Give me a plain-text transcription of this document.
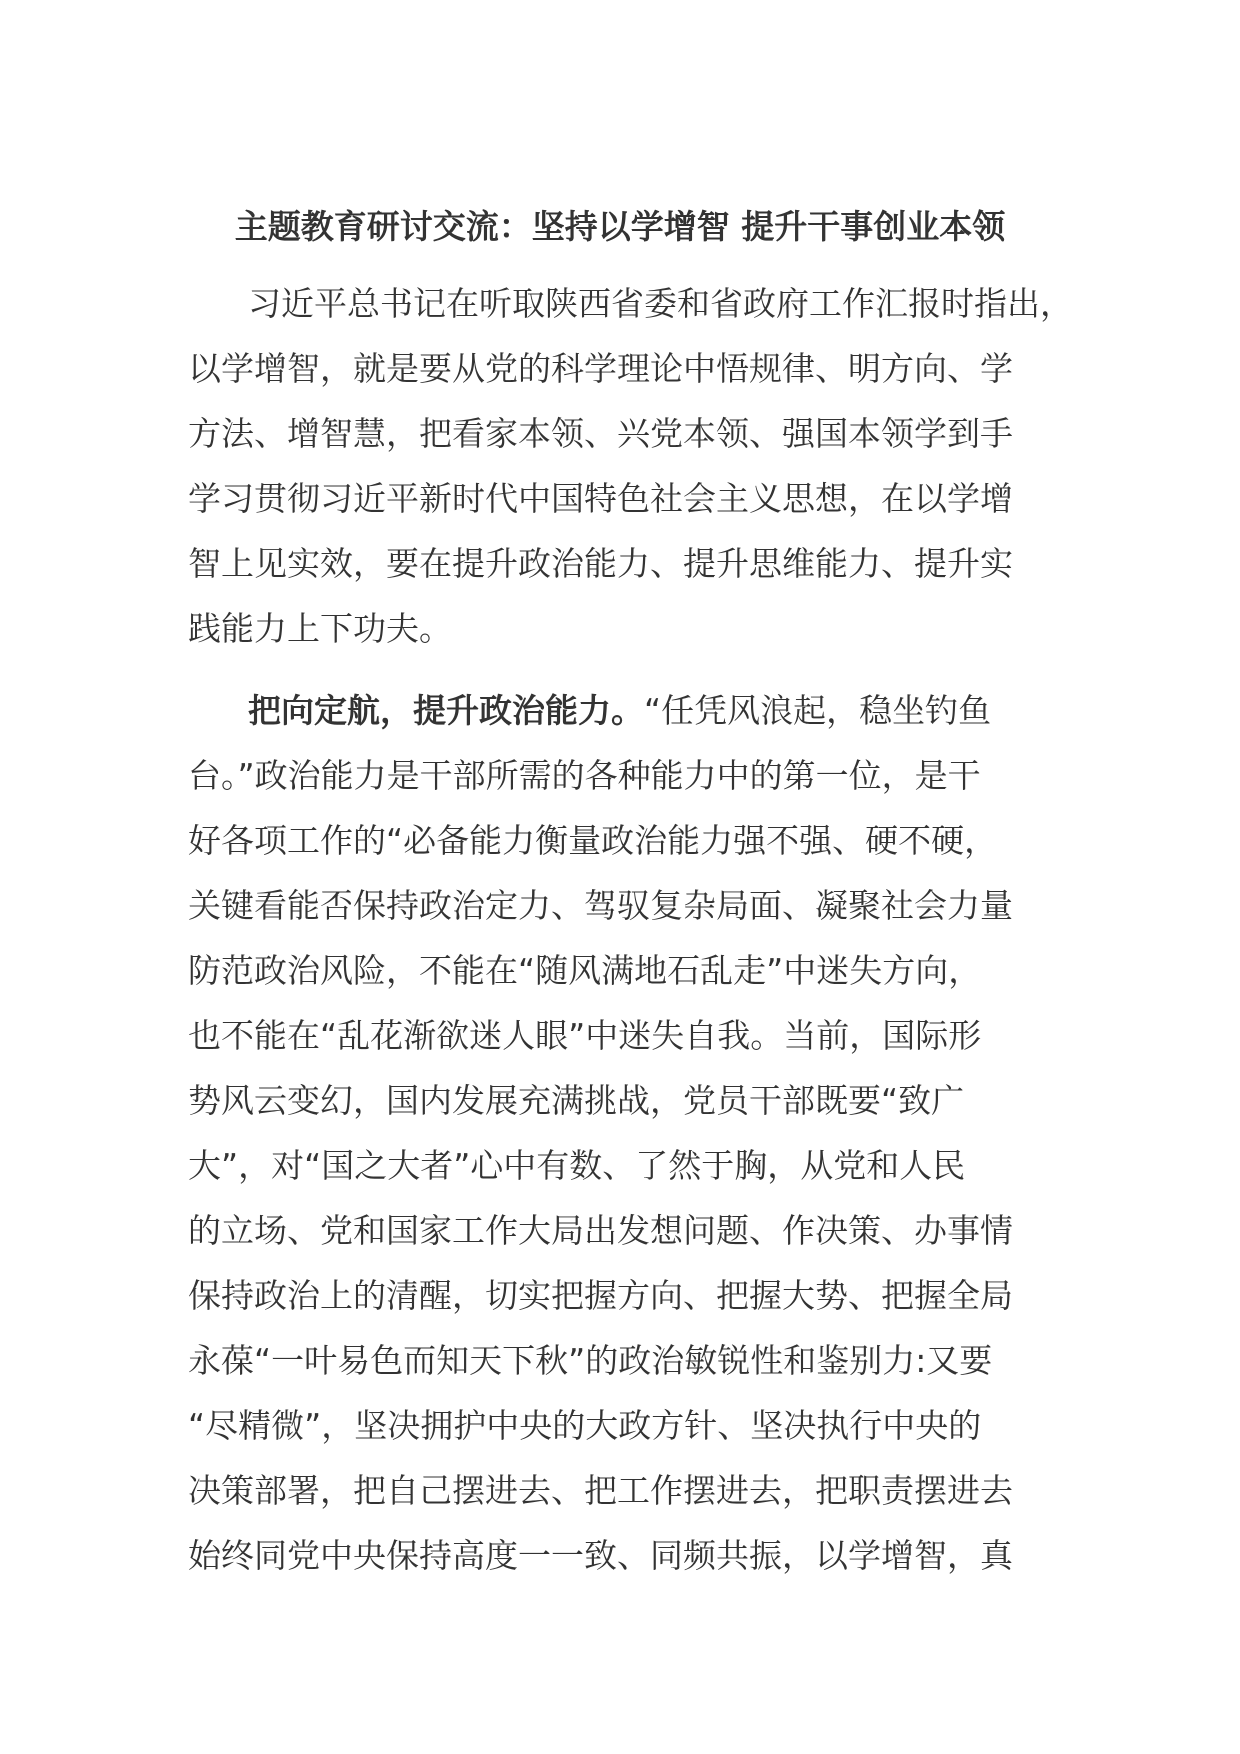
主题教育研讨交流：坚持以学增智 提升干事创业本领
习近平总书记在听取陕西省委和省政府工作汇报时指出，
以学增智，就是要从党的科学理论中悟规律、明方向、学
方法、增智慧，把看家本领、兴党本领、强国本领学到手
学习贯彻习近平新时代中国特色社会主义思想，在以学增
智上见实效，要在提升政治能力、提升思维能力、提升实
践能力上下功夫。
把向定航，提升政治能力。“任凭风浪起，稳坐钓鱼
台。”政治能力是干部所需的各种能力中的第一位，是干
好各项工作的“必备能力衡量政治能力强不强、硬不硬，
关键看能否保持政治定力、驾驭复杂局面、凝聚社会力量
防范政治风险，不能在“随风满地石乱走”中迷失方向，
也不能在“乱花渐欲迷人眼”中迷失自我。当前，国际形
势风云变幻，国内发展充满挑战，党员干部既要“致广
大”，对“国之大者”心中有数、了然于胸，从党和人民
的立场、党和国家工作大局出发想问题、作决策、办事情
保持政治上的清醒，切实把握方向、把握大势、把握全局
永葆“一叶易色而知天下秋”的政治敏锐性和鉴别力:又要
“尽精微”，坚决拥护中央的大政方针、坚决执行中央的
决策部署，把自己摆进去、把工作摆进去，把职责摆进去
始终同党中央保持高度一一致、同频共振，以学增智，真
